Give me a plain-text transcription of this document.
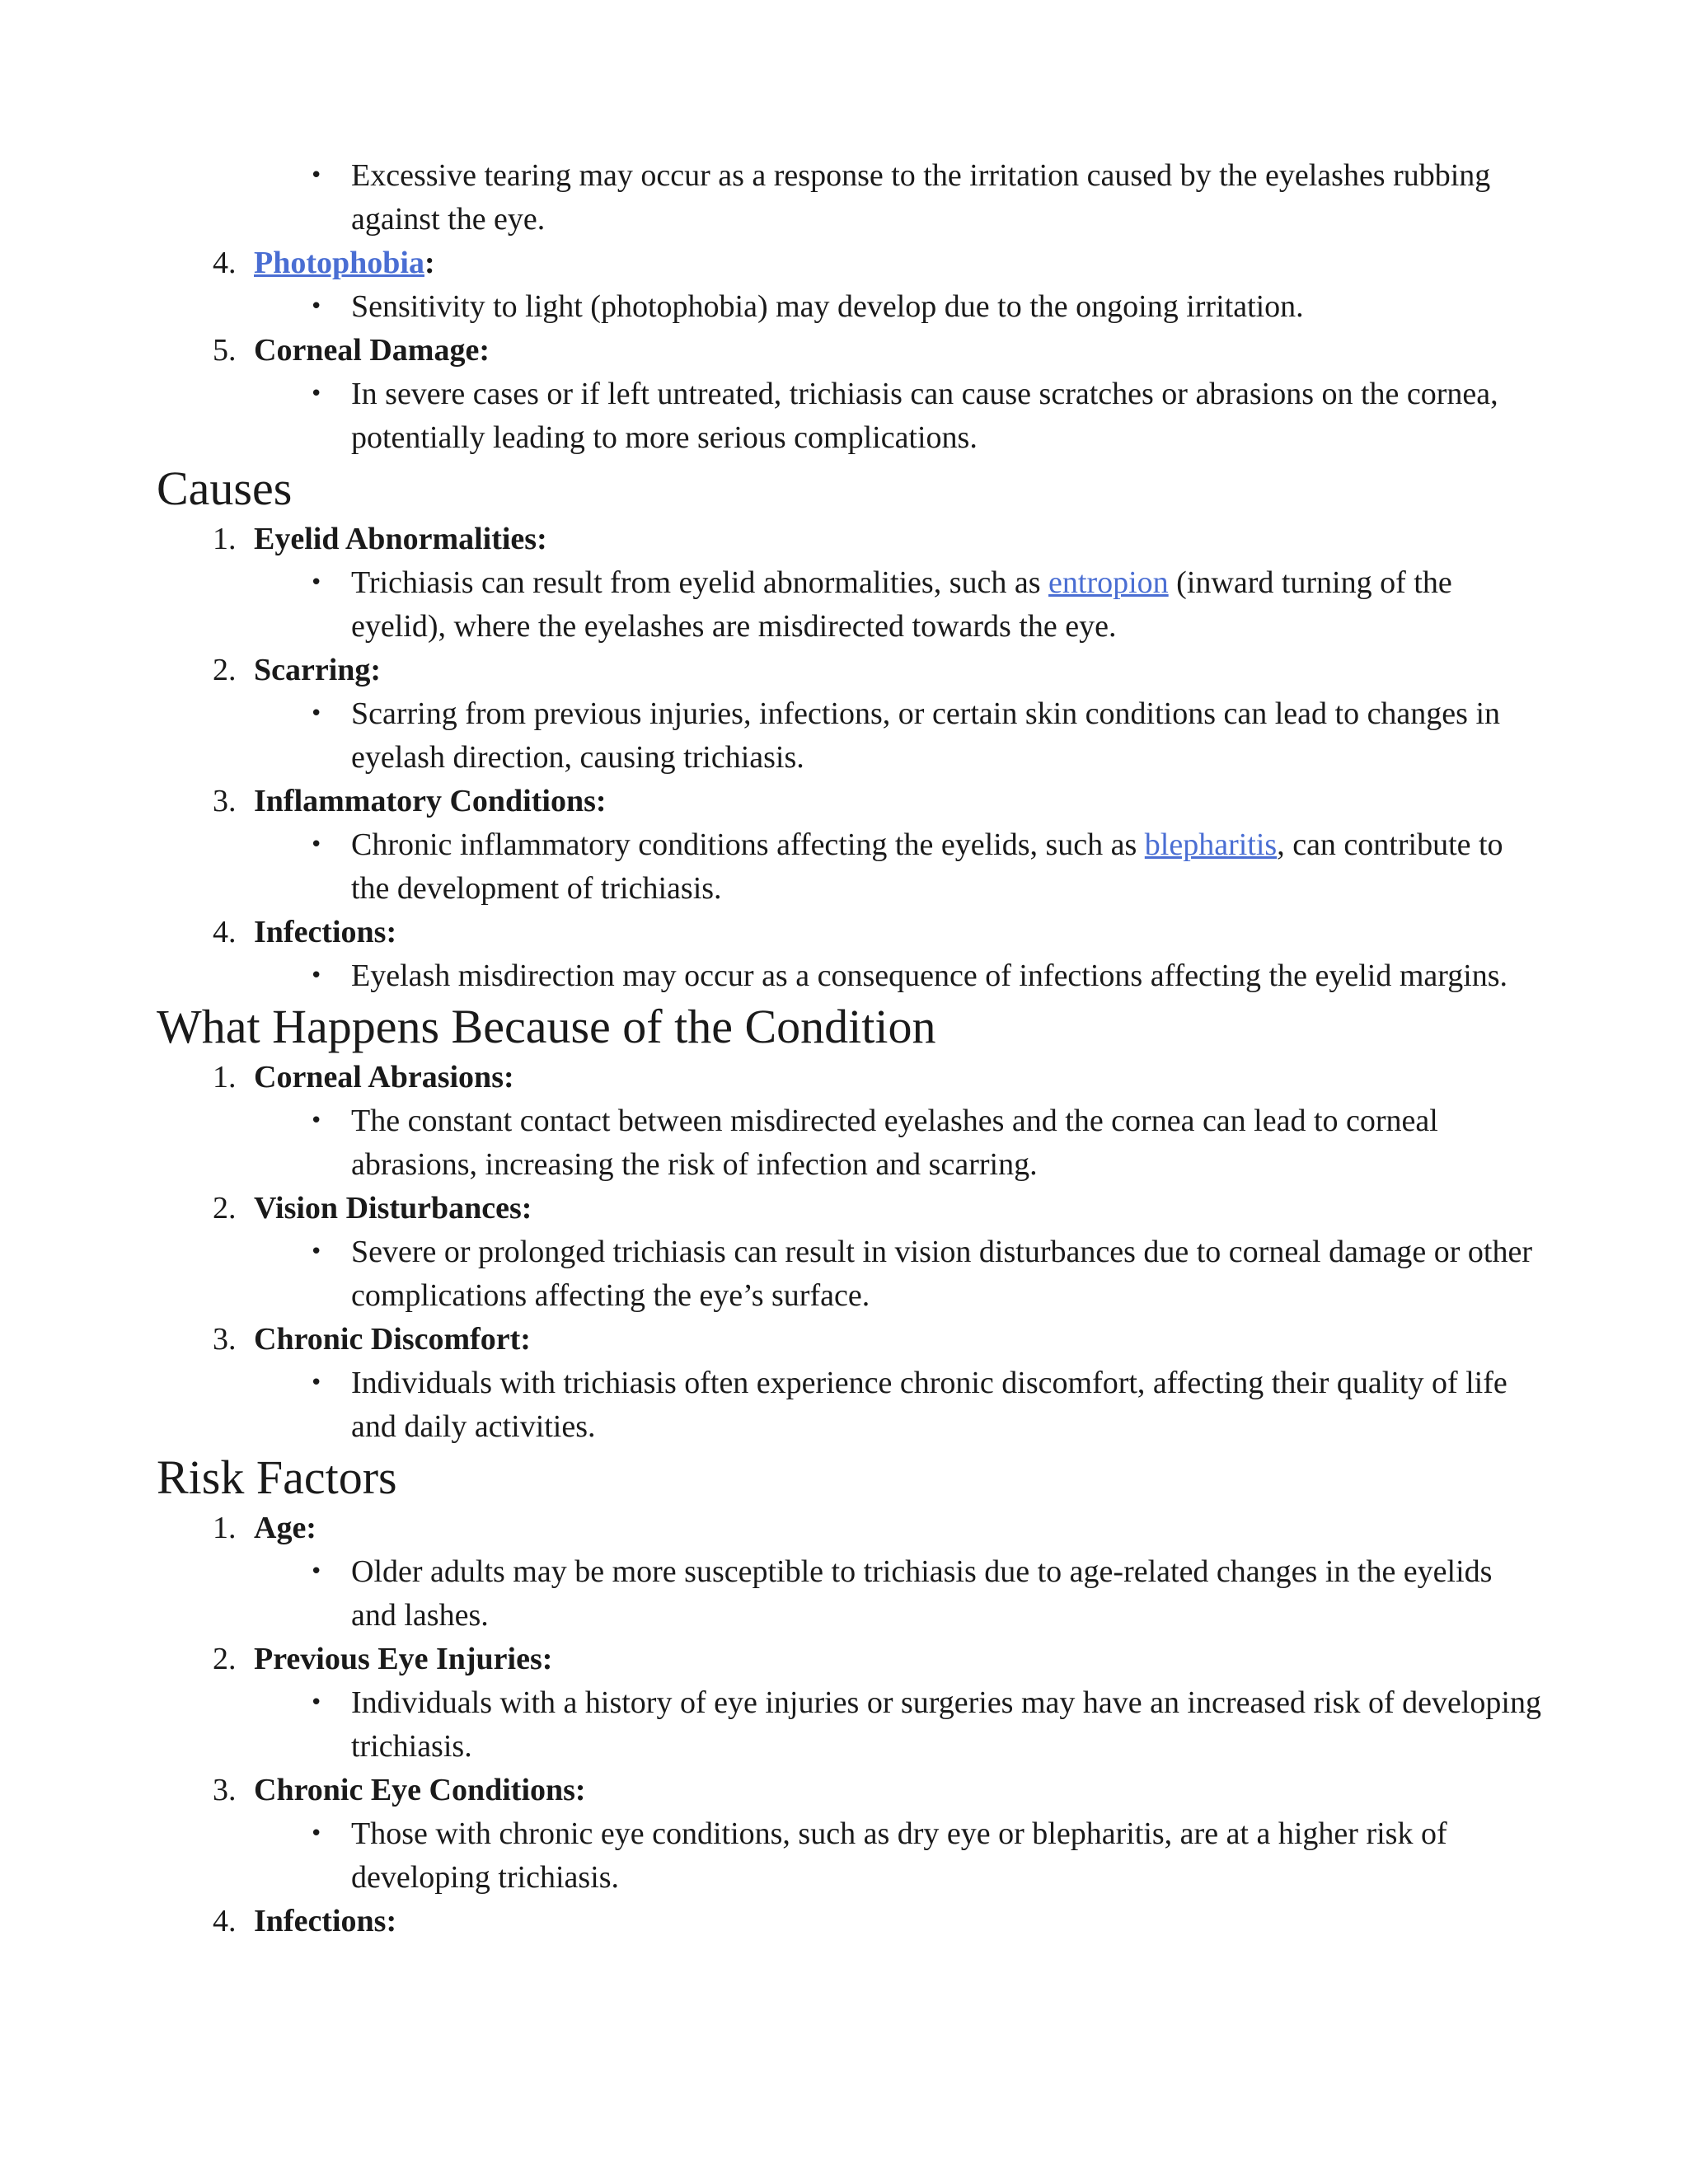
• Excessive tearing may occur as a response to the irritation caused by the eyelashes rubbing against the eye.
4. Photophobia:
• Sensitivity to light (photophobia) may develop due to the ongoing irritation.
5. Corneal Damage:
• In severe cases or if left untreated, trichiasis can cause scratches or abrasions on the cornea, potentially leading to more serious complications.
Causes
1. Eyelid Abnormalities:
• Trichiasis can result from eyelid abnormalities, such as entropion (inward turning of the eyelid), where the eyelashes are misdirected towards the eye.
2. Scarring:
• Scarring from previous injuries, infections, or certain skin conditions can lead to changes in eyelash direction, causing trichiasis.
3. Inflammatory Conditions:
• Chronic inflammatory conditions affecting the eyelids, such as blepharitis, can contribute to the development of trichiasis.
4. Infections:
• Eyelash misdirection may occur as a consequence of infections affecting the eyelid margins.
What Happens Because of the Condition
1. Corneal Abrasions:
• The constant contact between misdirected eyelashes and the cornea can lead to corneal abrasions, increasing the risk of infection and scarring.
2. Vision Disturbances:
• Severe or prolonged trichiasis can result in vision disturbances due to corneal damage or other complications affecting the eye’s surface.
3. Chronic Discomfort:
• Individuals with trichiasis often experience chronic discomfort, affecting their quality of life and daily activities.
Risk Factors
1. Age:
• Older adults may be more susceptible to trichiasis due to age-related changes in the eyelids and lashes.
2. Previous Eye Injuries:
• Individuals with a history of eye injuries or surgeries may have an increased risk of developing trichiasis.
3. Chronic Eye Conditions:
• Those with chronic eye conditions, such as dry eye or blepharitis, are at a higher risk of developing trichiasis.
4. Infections:
